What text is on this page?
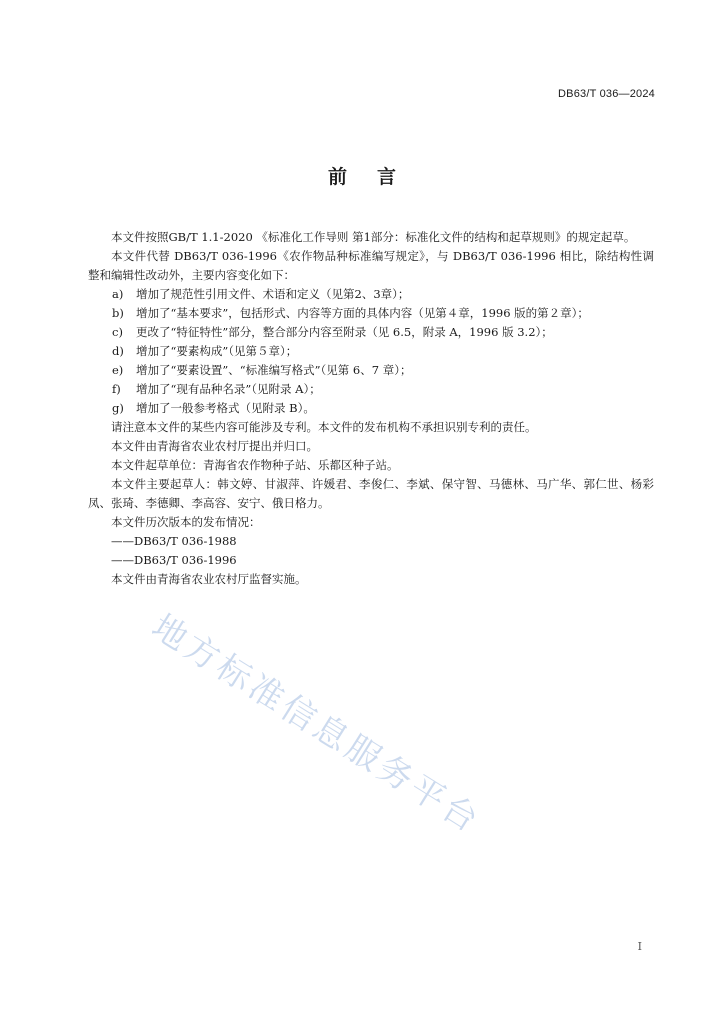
DB63/T 036—2024
前言

本文件按照GB/T 1.1-2020 《标准化工作导则 第1部分：标准化文件的结构和起草规则》的规定起草。

本文件代替 DB63/T 036-1996《农作物品种标准编写规定》，与 DB63/T 036-1996 相比，除结构性调整和编辑性改动外，主要内容变化如下：

a)	增加了规范性引用文件、术语和定义（见第2、3章）；
b)	增加了“基本要求”，包括形式、内容等方面的具体内容（见第４章，1996 版的第２章）；
c)	更改了“特征特性”部分，整合部分内容至附录（见 6.5，附录 A，1996 版 3.2）；
d)	增加了“要素构成”（见第５章）；
e)	增加了“要素设置”、“标准编写格式”（见第 6、7 章）；
f)	增加了“现有品种名录”（见附录 A）；
g)	增加了一般参考格式（见附录 B）。

请注意本文件的某些内容可能涉及专利。本文件的发布机构不承担识别专利的责任。

本文件由青海省农业农村厅提出并归口。

本文件起草单位：青海省农作物种子站、乐都区种子站。

本文件主要起草人：韩文婷、甘淑萍、许媛君、李俊仁、李斌、保守智、马德林、马广华、郭仁世、杨彩凤、张琦、李德卿、李高容、安宁、俄日格力。

本文件历次版本的发布情况：

——DB63/T 036-1988

——DB63/T 036-1996

本文件由青海省农业农村厅监督实施。

地方标准信息服务平台
I
